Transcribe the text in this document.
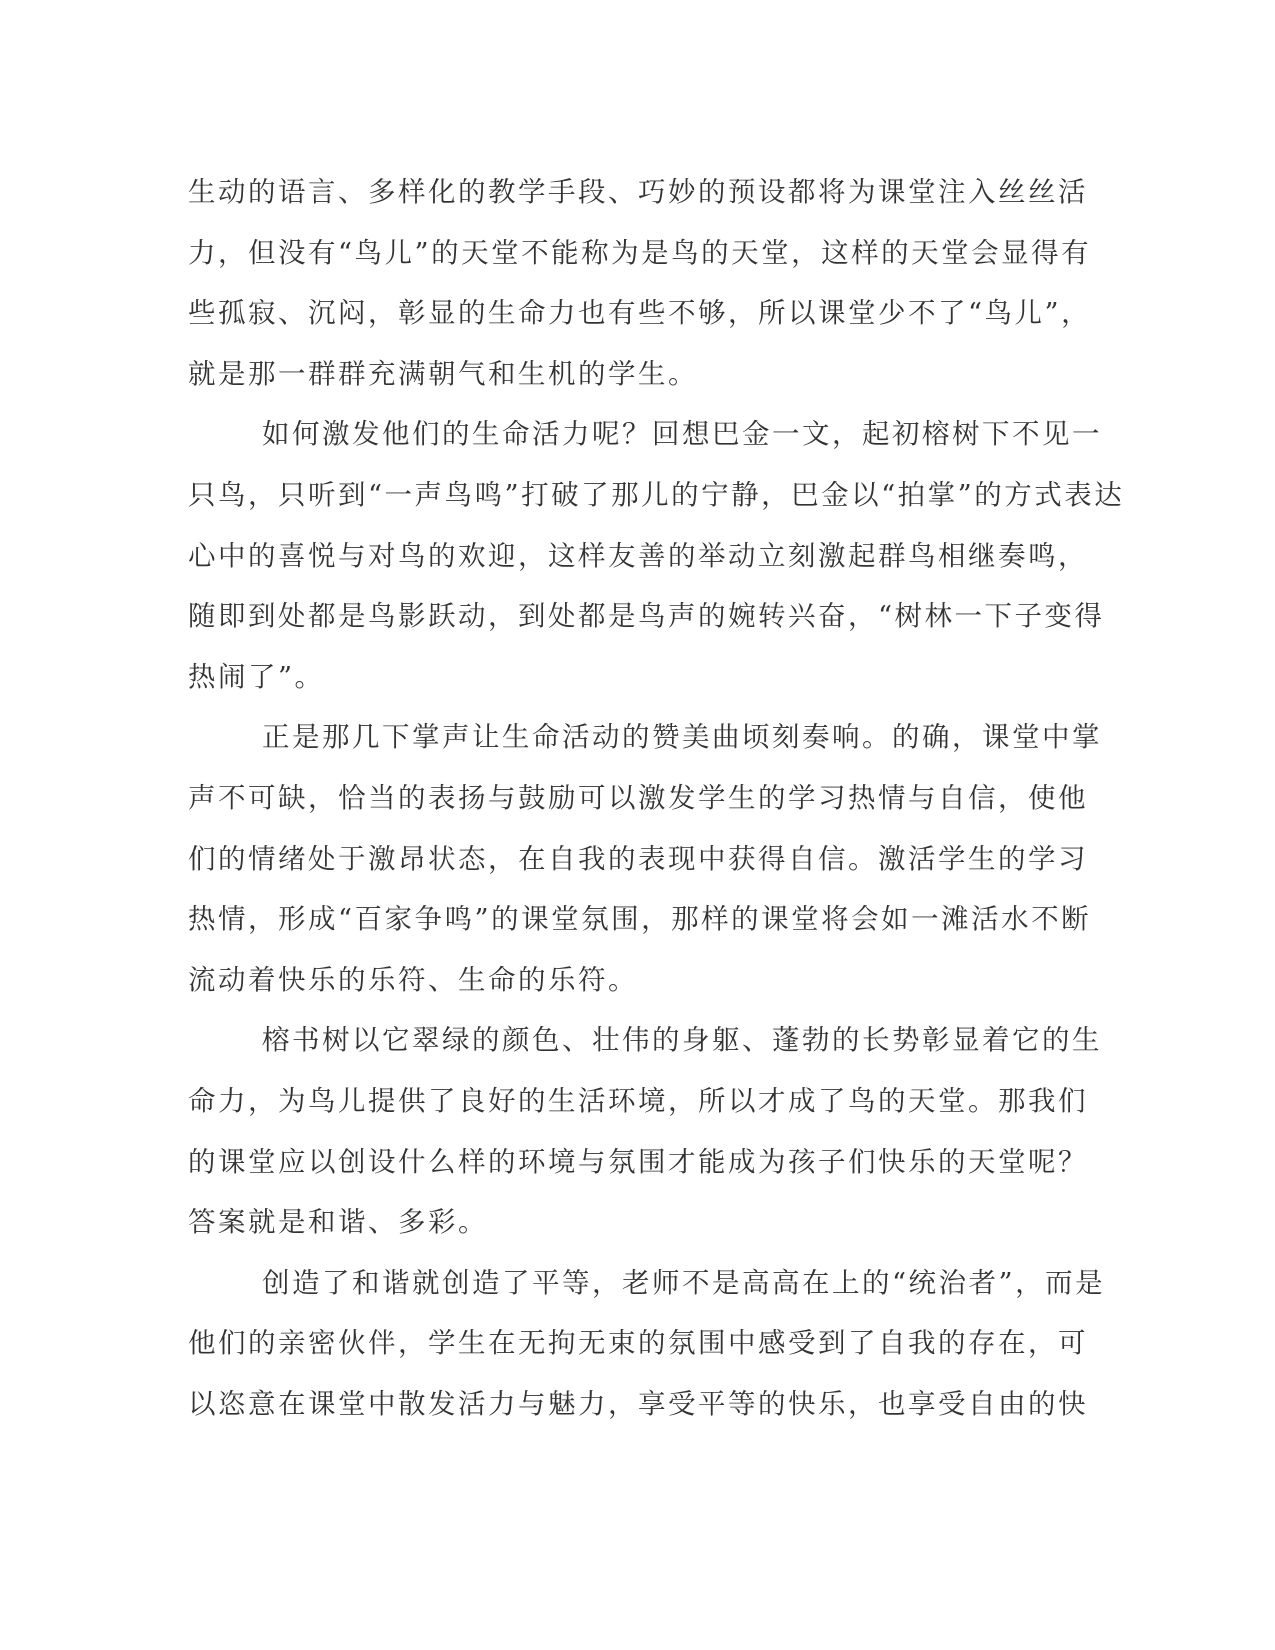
生动的语言、多样化的教学手段、巧妙的预设都将为课堂注入丝丝活
力，但没有“鸟儿”的天堂不能称为是鸟的天堂，这样的天堂会显得有
些孤寂、沉闷，彰显的生命力也有些不够，所以课堂少不了“鸟儿”，
就是那一群群充满朝气和生机的学生。
如何激发他们的生命活力呢？回想巴金一文，起初榕树下不见一
只鸟，只听到“一声鸟鸣”打破了那儿的宁静，巴金以“拍掌”的方式表达
心中的喜悦与对鸟的欢迎，这样友善的举动立刻激起群鸟相继奏鸣，
随即到处都是鸟影跃动，到处都是鸟声的婉转兴奋，“树林一下子变得
热闹了”。
正是那几下掌声让生命活动的赞美曲顷刻奏响。的确，课堂中掌
声不可缺，恰当的表扬与鼓励可以激发学生的学习热情与自信，使他
们的情绪处于激昂状态，在自我的表现中获得自信。激活学生的学习
热情，形成“百家争鸣”的课堂氛围，那样的课堂将会如一滩活水不断
流动着快乐的乐符、生命的乐符。
榕书树以它翠绿的颜色、壮伟的身躯、蓬勃的长势彰显着它的生
命力，为鸟儿提供了良好的生活环境，所以才成了鸟的天堂。那我们
的课堂应以创设什么样的环境与氛围才能成为孩子们快乐的天堂呢？
答案就是和谐、多彩。
创造了和谐就创造了平等，老师不是高高在上的“统治者”，而是
他们的亲密伙伴，学生在无拘无束的氛围中感受到了自我的存在，可
以恣意在课堂中散发活力与魅力，享受平等的快乐，也享受自由的快
